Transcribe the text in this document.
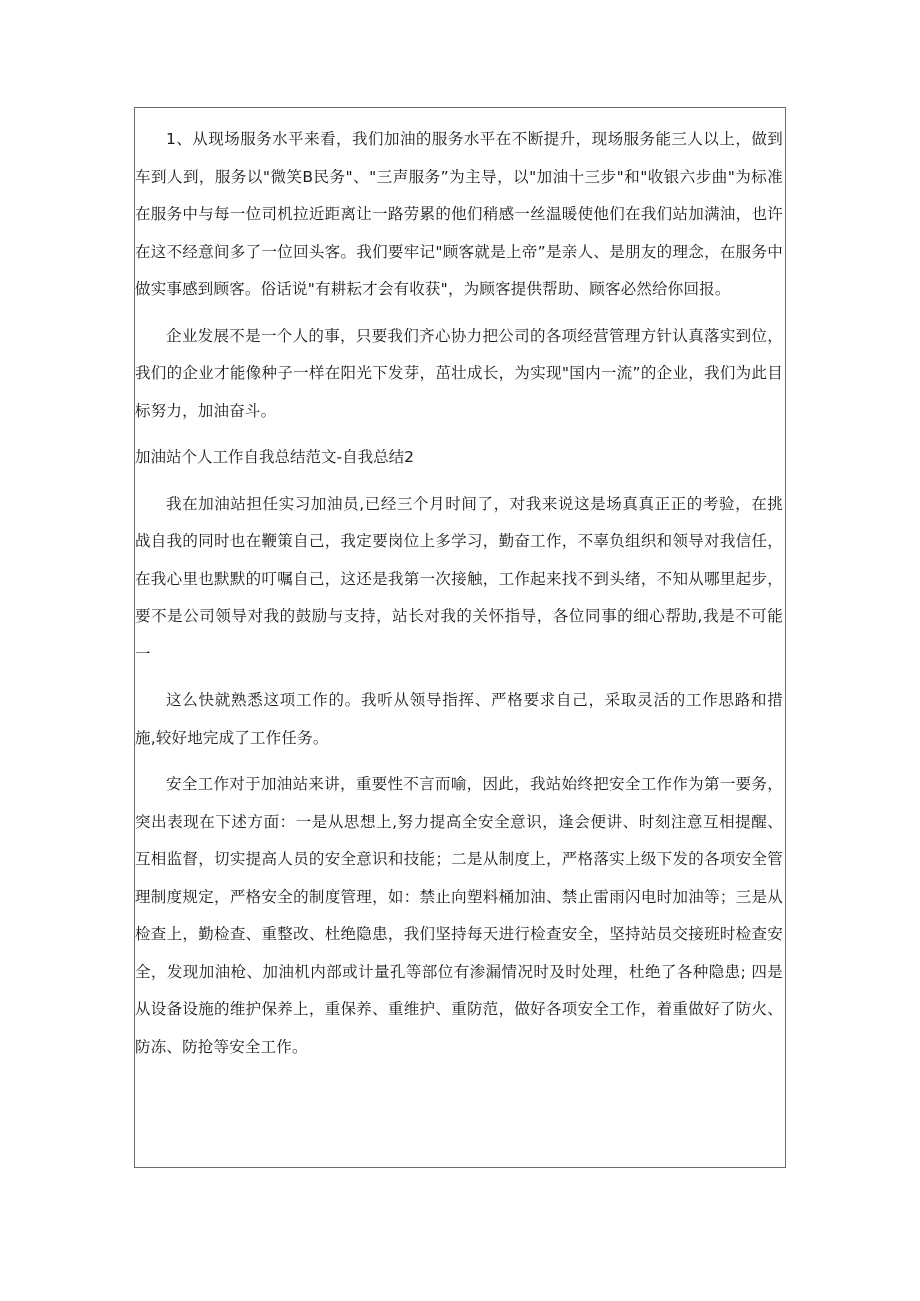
1、从现场服务水平来看，我们加油的服务水平在不断提升，现场服务能三人以上，做到车到人到，服务以"微笑B民务"、"三声服务”为主导，以"加油十三步"和"收银六步曲"为标准在服务中与每一位司机拉近距离让一路劳累的他们稍感一丝温暖使他们在我们站加满油，也许在这不经意间多了一位回头客。我们要牢记"顾客就是上帝”是亲人、是朋友的理念，在服务中做实事感到顾客。俗话说"有耕耘才会有收获"，为顾客提供帮助、顾客必然给你回报。

企业发展不是一个人的事，只要我们齐心协力把公司的各项经营管理方针认真落实到位，我们的企业才能像种子一样在阳光下发芽，茁壮成长，为实现"国内一流”的企业，我们为此目标努力，加油奋斗。

加油站个人工作自我总结范文-自我总结2

我在加油站担任实习加油员,已经三个月时间了，对我来说这是场真真正正的考验，在挑战自我的同时也在鞭策自己，我定要岗位上多学习，勤奋工作，不辜负组织和领导对我信任，在我心里也默默的叮嘱自己，这还是我第一次接触，工作起来找不到头绪，不知从哪里起步，要不是公司领导对我的鼓励与支持，站长对我的关怀指导，各位同事的细心帮助,我是不可能一

这么快就熟悉这项工作的。我听从领导指挥、严格要求自己，采取灵活的工作思路和措施,较好地完成了工作任务。

安全工作对于加油站来讲，重要性不言而喻，因此，我站始终把安全工作作为第一要务，突出表现在下述方面：一是从思想上,努力提高全安全意识，逢会便讲、时刻注意互相提醒、互相监督，切实提高人员的安全意识和技能；二是从制度上，严格落实上级下发的各项安全管理制度规定，严格安全的制度管理，如：禁止向塑料桶加油、禁止雷雨闪电时加油等；三是从检查上，勤检查、重整改、杜绝隐患，我们坚持每天进行检查安全，坚持站员交接班时检查安全，发现加油枪、加油机内部或计量孔等部位有渗漏情况时及时处理，杜绝了各种隐患; 四是从设备设施的维护保养上，重保养、重维护、重防范，做好各项安全工作，着重做好了防火、防冻、防抢等安全工作。
